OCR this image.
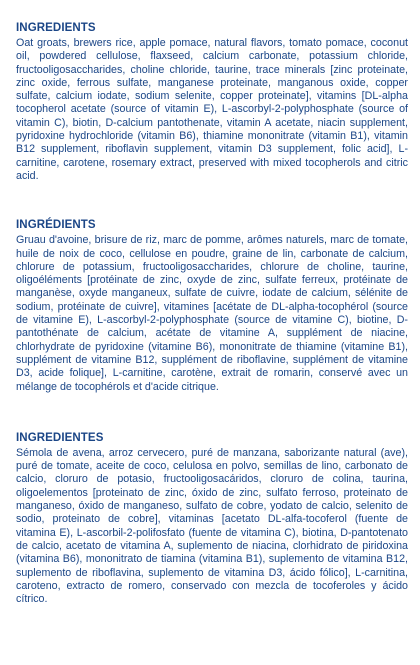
INGREDIENTS

Oat groats, brewers rice, apple pomace, natural flavors, tomato pomace, coconut oil, powdered cellulose, flaxseed, calcium carbonate, potassium chloride, fructooligosaccharides, choline chloride, taurine, trace minerals [zinc proteinate, zinc oxide, ferrous sulfate, manganese proteinate, manganous oxide, copper sulfate, calcium iodate, sodium selenite, copper proteinate], vitamins [DL-alpha tocopherol acetate (source of vitamin E), L-ascorbyl-2-polyphosphate (source of vitamin C), biotin, D-calcium pantothenate, vitamin A acetate, niacin supplement, pyridoxine hydrochloride (vitamin B6), thiamine mononitrate (vitamin B1), vitamin B12 supplement, riboflavin supplement, vitamin D3 supplement, folic acid], L-carnitine, carotene, rosemary extract, preserved with mixed tocopherols and citric acid.

INGRÉDIENTS

Gruau d'avoine, brisure de riz, marc de pomme, arômes naturels, marc de tomate, huile de noix de coco, cellulose en poudre, graine de lin, carbonate de calcium, chlorure de potassium, fructooligosaccharides, chlorure de choline, taurine, oligoéléments [protéinate de zinc, oxyde de zinc, sulfate ferreux, protéinate de manganèse, oxyde manganeux, sulfate de cuivre, iodate de calcium, sélénite de sodium, protéinate de cuivre], vitamines [acétate de DL-alpha-tocophérol (source de vitamine E), L-ascorbyl-2-polyphosphate (source de vitamine C), biotine, D-pantothénate de calcium, acétate de vitamine A, supplément de niacine, chlorhydrate de pyridoxine (vitamine B6), mononitrate de thiamine (vitamine B1), supplément de vitamine B12, supplément de riboflavine, supplément de vitamine D3, acide folique], L-carnitine, carotène, extrait de romarin, conservé avec un mélange de tocophérols et d'acide citrique.

INGREDIENTES

Sémola de avena, arroz cervecero, puré de manzana, saborizante natural (ave), puré de tomate, aceite de coco, celulosa en polvo, semillas de lino, carbonato de calcio, cloruro de potasio, fructooligosacáridos, cloruro de colina, taurina, oligoelementos [proteinato de zinc, óxido de zinc, sulfato ferroso, proteinato de manganeso, óxido de manganeso, sulfato de cobre, yodato de calcio, selenito de sodio, proteinato de cobre], vitaminas [acetato DL-alfa-tocoferol (fuente de vitamina E), L-ascorbil-2-polifosfato (fuente de vitamina C), biotina, D-pantotenato de calcio, acetato de vitamina A, suplemento de niacina, clorhidrato de piridoxina (vitamina B6), mononitrato de tiamina (vitamina B1), suplemento de vitamina B12, suplemento de riboflavina, suplemento de vitamina D3, ácido fólico], L-carnitina, caroteno, extracto de romero, conservado con mezcla de tocoferoles y ácido cítrico.
